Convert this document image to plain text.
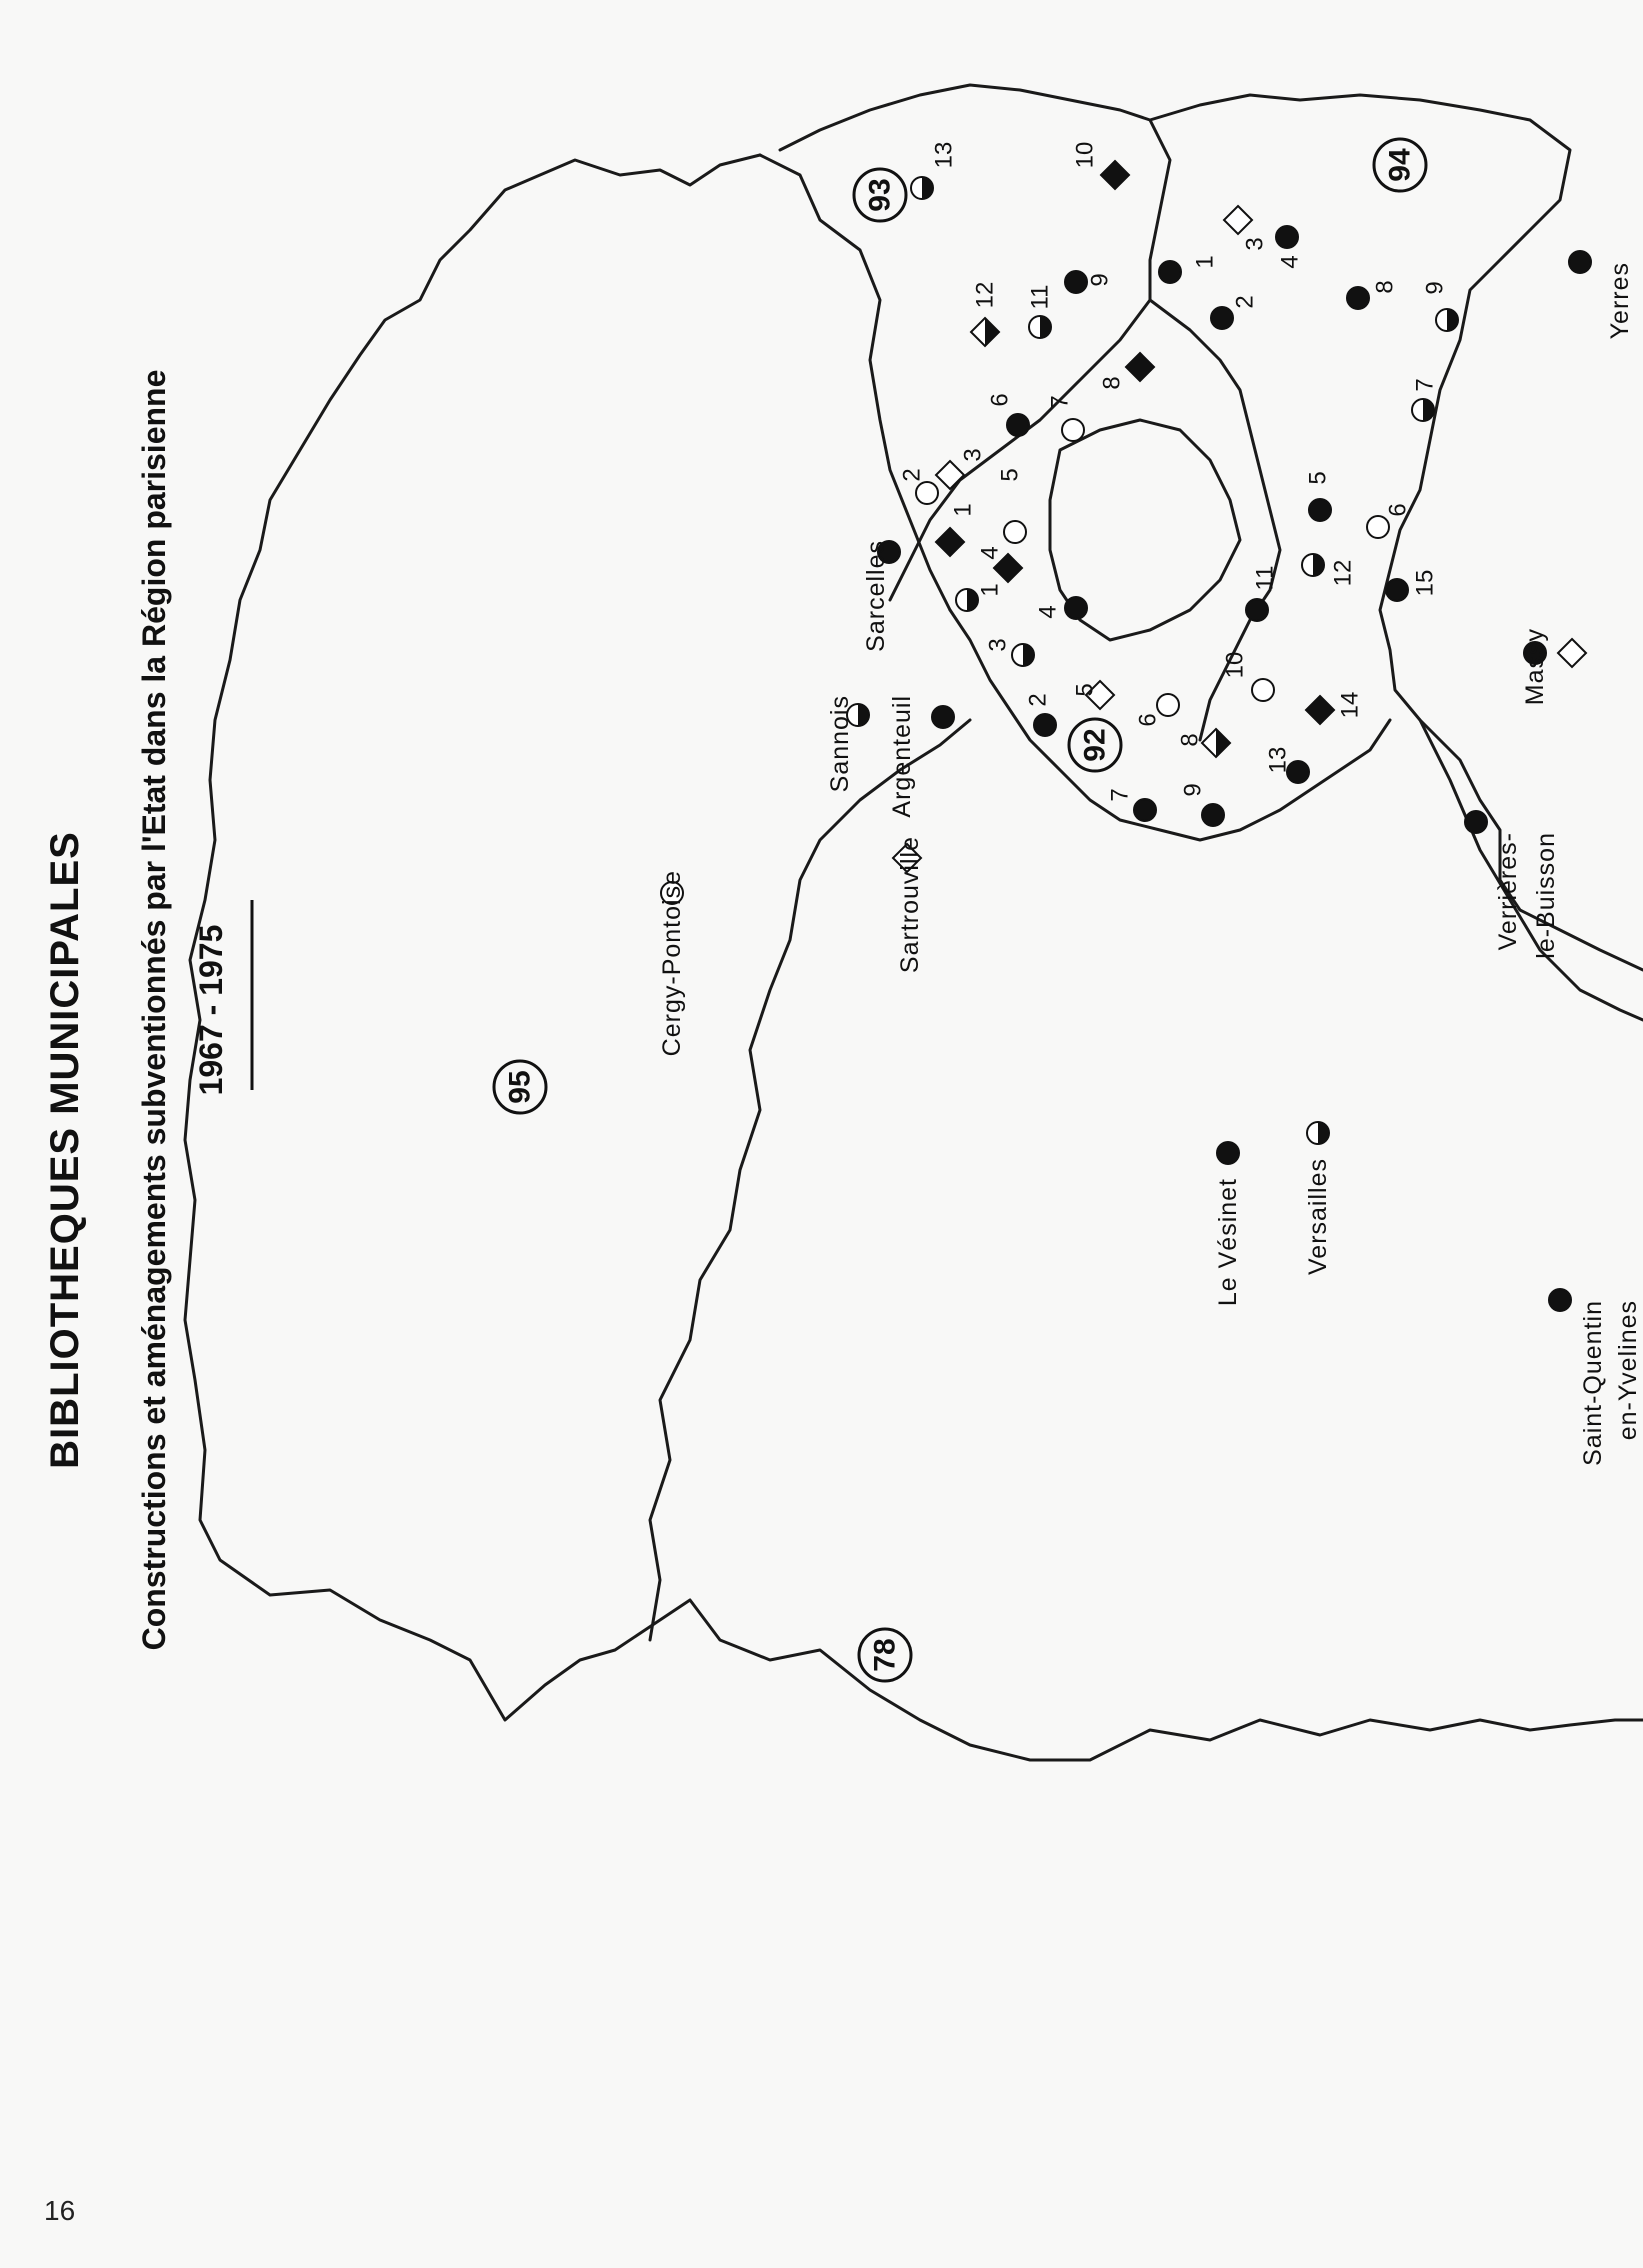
BIBLIOTHEQUES MUNICIPALES Constructions et aménagements subventionnés par l'Etat dans la Région parisienne 1967 - 1975	95
78
93
92
94
Cergy-Pontoise	Sartrouville
Sannois Argenteuil
Sarcelles
Le Vésinet Versailles
Verrières- le-Buisson
Massy
Saint-Quentin en-Yvelines
Yerres
13	10
12 11
9
8
6 7
5
2
3
1
4
1
2
3
4
8 9
7
5
6
12 15
11
10
14
1
4
3
5
2
6
8
13
9
7
16
